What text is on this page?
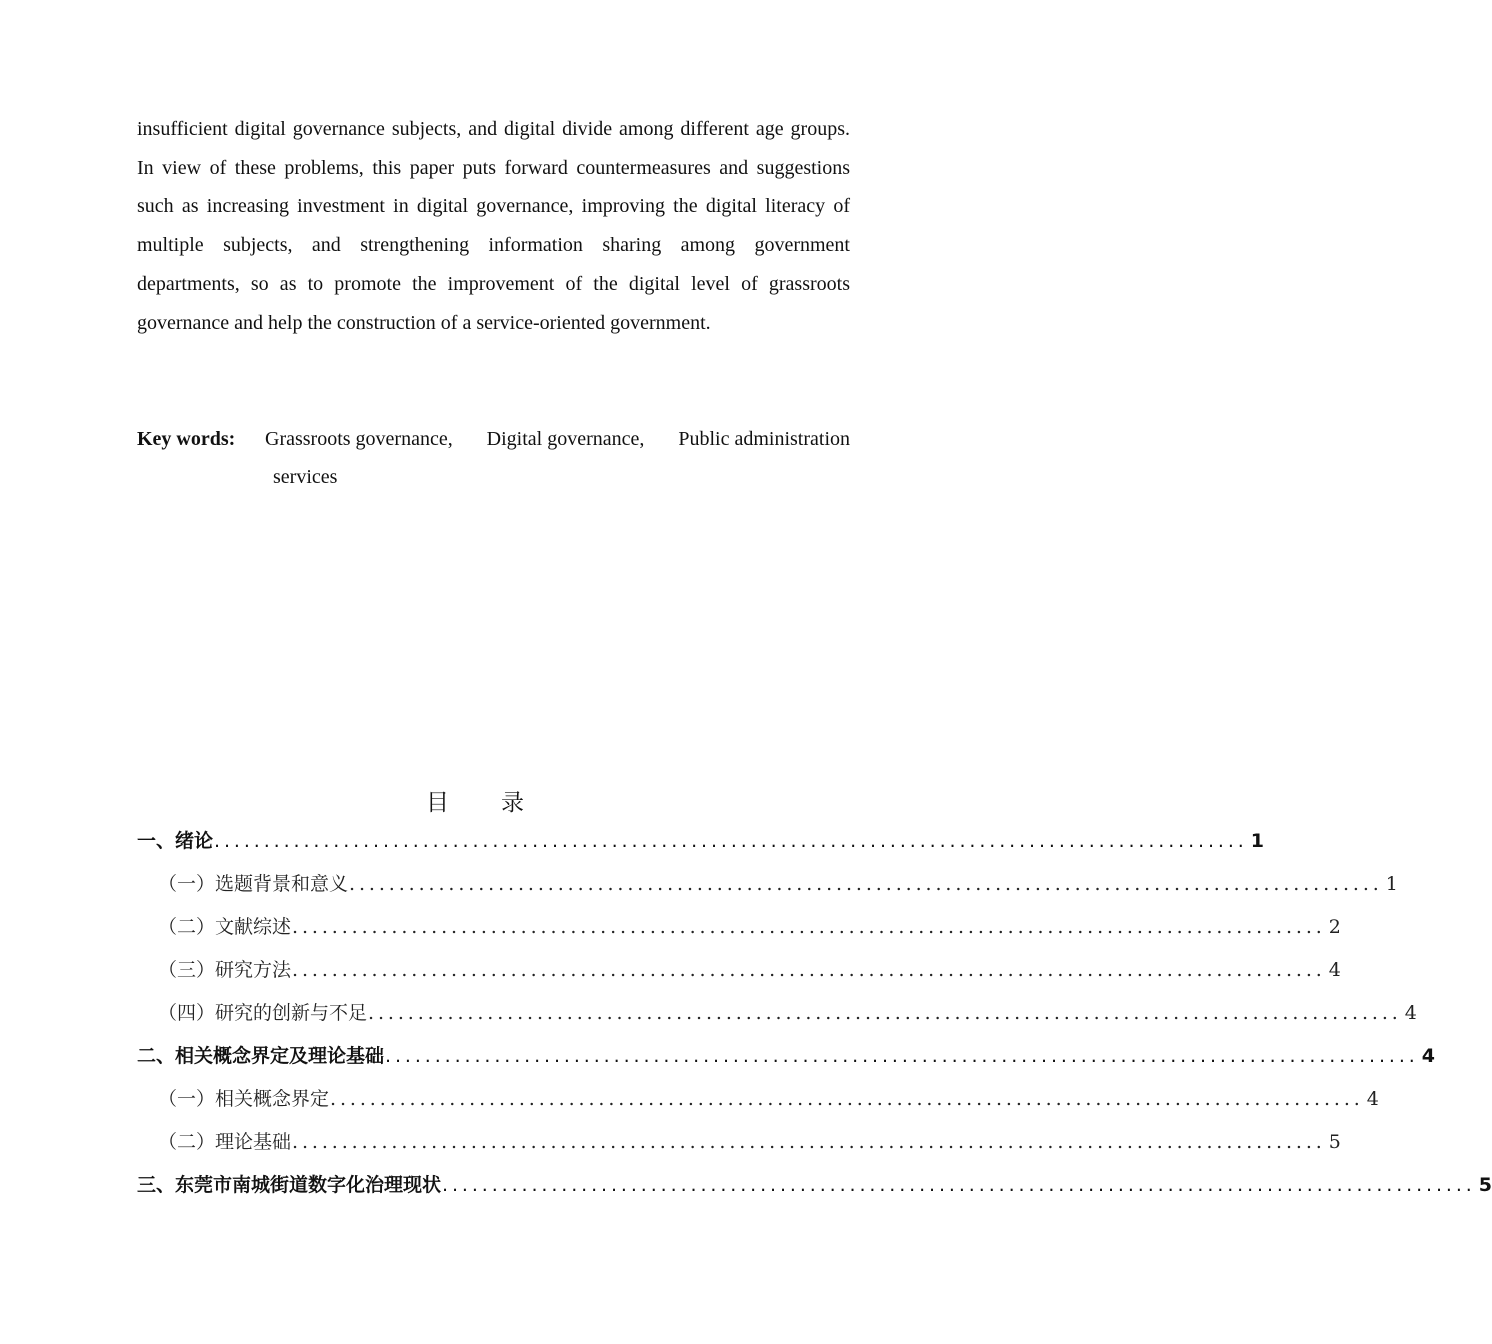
insufficient digital governance subjects, and digital divide among different age groups. In view of these problems, this paper puts forward countermeasures and suggestions such as increasing investment in digital governance, improving the digital literacy of multiple subjects, and strengthening information sharing among government departments, so as to promote the improvement of the digital level of grassroots governance and help the construction of a service-oriented government.

Key words: Grassroots governance, Digital governance, Public administration
services
目 录
一、绪论 ........................................................................................................ 1
（一）选题背景和意义 ........................................................................................................ 1
（二）文献综述 ........................................................................................................ 2
（三）研究方法 ........................................................................................................ 4
（四）研究的创新与不足 ........................................................................................................ 4
二、相关概念界定及理论基础 ........................................................................................................ 4
（一）相关概念界定 ........................................................................................................ 4
（二）理论基础 ........................................................................................................ 5
三、东莞市南城街道数字化治理现状 ........................................................................................................ 5
